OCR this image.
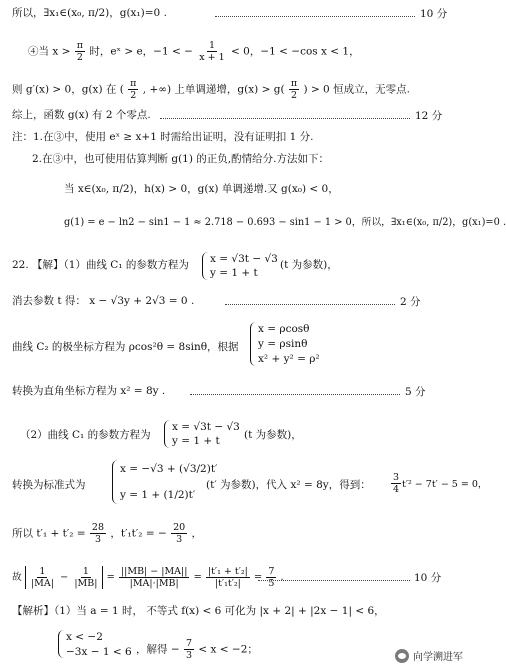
所以，∃x₁∈(x₀, π/2)，g(x₁)=0 .	10 分
④当 $x > \frac{\pi}{2}$ 时，eˣ > e，−1 < − $\frac{1}{x + 1} < 0$，−1 < −cos x < 1，
则 g′(x) > 0，g(x) 在 ( $\frac{\pi}{2}$ , +∞) 上单调递增，$g(x) > g( \frac{\pi}{2}$ ) > 0 恒成立，无零点.
综上，函数 g(x) 有 2 个零点.	12 分
注：1.在③中，使用 eˣ ≥ x+1 时需给出证明，没有证明扣 1 分.
2.在③中，也可使用估算判断 g(1) 的正负,酌情给分.方法如下：
当 x∈(x₀, π/2)，h(x) > 0，g(x) 单调递增.又 g(x₀) < 0，
g(1) = e − ln2 − sin1 − 1 ≈ 2.718 − 0.693 − sin1 − 1 > 0，所以，∃x₁∈(x₀, π/2)，g(x₁)=0 .
22. 【解】（1）曲线 C₁ 的参数方程为 x = √3t − √3
y = 1 + t
(t 为参数)，
消去参数 t 得： x − √3y + 2√3 = 0 .	2 分
曲线 C₂ 的极坐标方程为 ρcos²θ = 8sinθ，根据
x = ρcosθ
y = ρsinθ
x² + y² = ρ²
转换为直角坐标方程为 x² = 8y .	5 分
（2）曲线 C₁ 的参数方程为
x = √3t − √3
y = 1 + t (t 为参数)，
转换为标准式为
x = −√3 + (√3/2)t′
y = 1 + (1/2)t′
(t′ 为参数)，代入 x² = 8y，得到： $\frac{3}{4} t'^2 - 7t' - 5 = 0$，
所以 $t'_1 + t'_2 = \frac{28}{3}$ ，t′₁t′₂ = − $\frac{20}{3}$ ，
故 $\frac{1}{|MA|} - \frac{1}{|MB|} = \frac{||MB| - |MA||}{|MA|\cdot|MB|} = \frac{\text{|t′₁ + t′₂|}}{\text{|t′₁t′₂|}} = \frac{7}{5}$ .	10 分
【解析】（1）当 a = 1 时， 不等式 f(x) < 6 可化为 |x + 2| + |2x − 1| < 6，
x < −2
−3x − 1 < 6 ，解得 − $\frac{7}{3} < x < -2$；
向学溯进军
